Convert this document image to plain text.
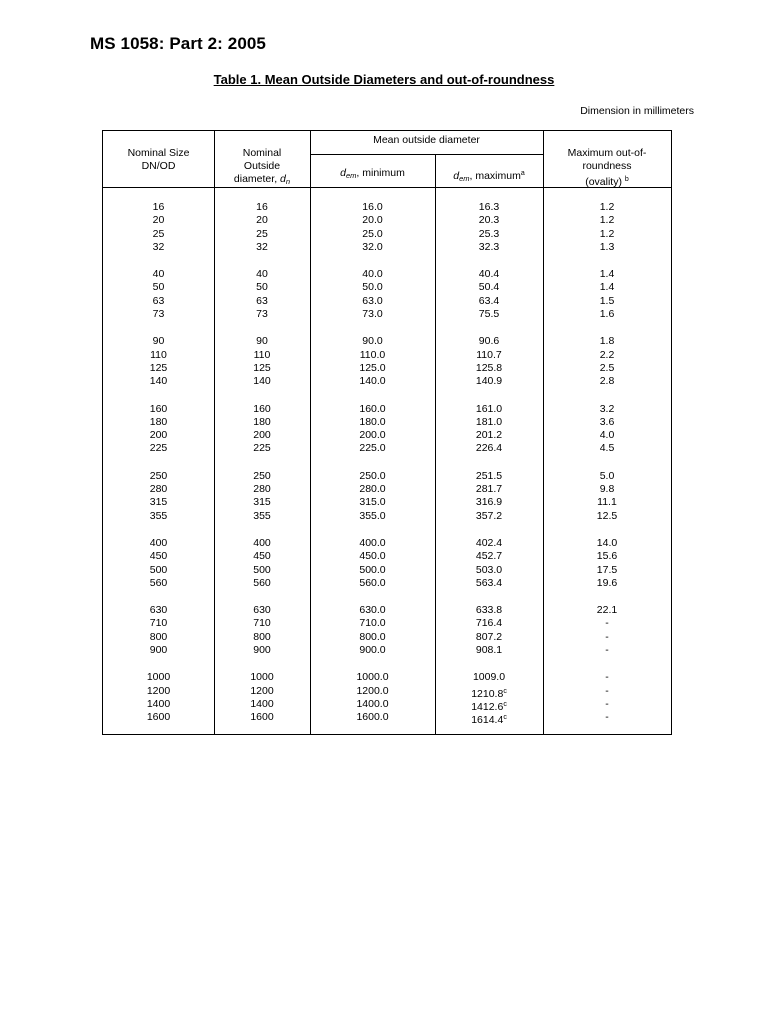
MS 1058: Part 2: 2005
Table 1. Mean Outside Diameters and out-of-roundness
Dimension in millimeters
Nominal Size
DN/OD
Nominal
Outside
diameter, $d_n$
Mean outside diameter
$d_{em}$, minimum	$d_{em}$, maximum$^a$
Maximum out-of-
roundness
(ovality) $^b$
16
20
25
32
40
50
63
73
90
110
125
140
160
180
200
225
250
280
315
355
400
450
500
560
630
710
800
900
1000
1200
1400
1600
16
20
25
32
40
50
63
73
90
110
125
140
160
180
200
225
250
280
315
355
400
450
500
560
630
710
800
900
1000
1200
1400
1600
16.0
20.0
25.0
32.0
40.0
50.0
63.0
73.0
90.0
110.0
125.0
140.0
160.0
180.0
200.0
225.0
250.0
280.0
315.0
355.0
400.0
450.0
500.0
560.0
630.0
710.0
800.0
900.0
1000.0
1200.0
1400.0
1600.0
16.3
20.3
25.3
32.3
40.4
50.4
63.4
75.5
90.6
110.7
125.8
140.9
161.0
181.0
201.2
226.4
251.5
281.7
316.9
357.2
402.4
452.7
503.0
563.4
633.8
716.4
807.2
908.1
1009.0
1210.8$^c$
1412.6$^c$
1614.4$^c$
1.2
1.2
1.2
1.3
1.4
1.4
1.5
1.6
1.8
2.2
2.5
2.8
3.2
3.6
4.0
4.5
5.0
9.8
11.1
12.5
14.0
15.6
17.5
19.6
22.1
-
-
-
-
-
-
-
